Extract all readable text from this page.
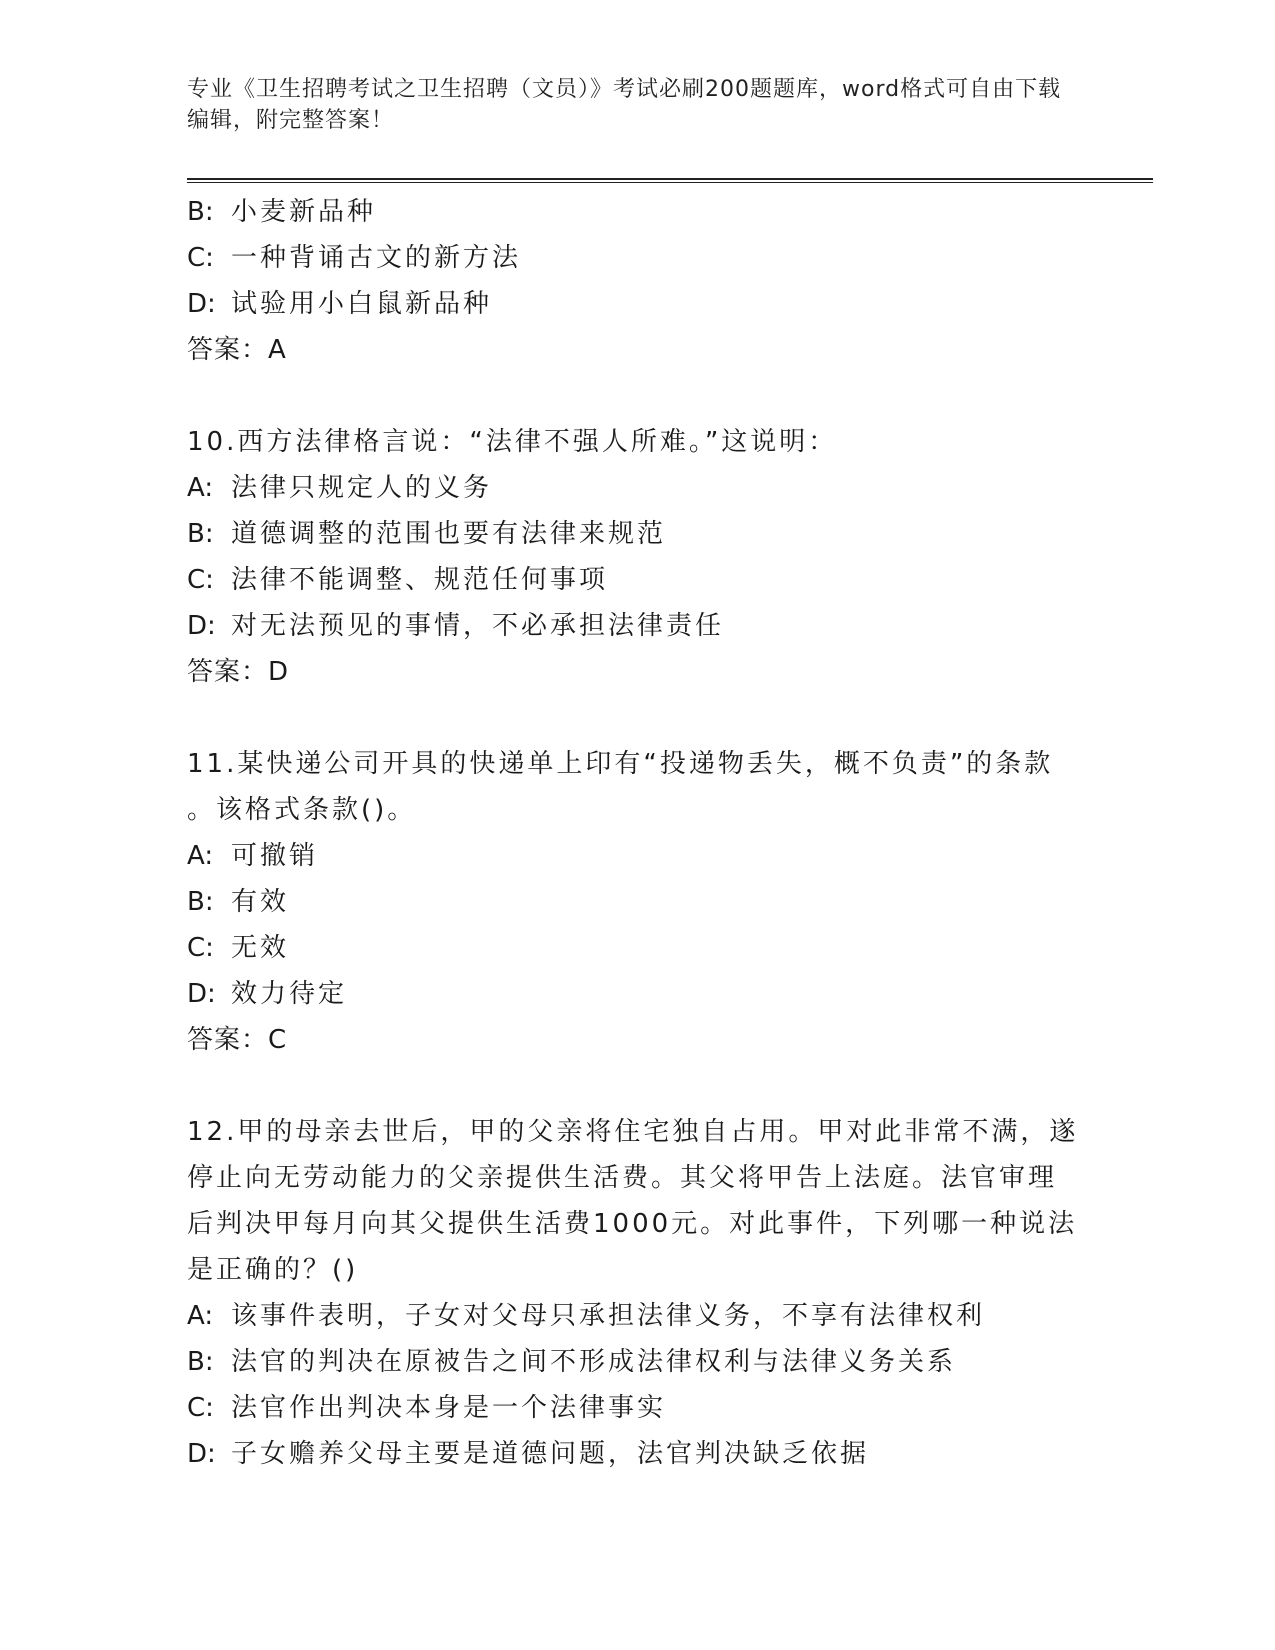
专业《卫生招聘考试之卫生招聘（文员）》考试必刷200题题库，word格式可自由下载编辑，附完整答案！
B: 小麦新品种
C: 一种背诵古文的新方法
D: 试验用小白鼠新品种
答案：A
10.西方法律格言说：“法律不强人所难。”这说明：
A: 法律只规定人的义务
B: 道德调整的范围也要有法律来规范
C: 法律不能调整、规范任何事项
D: 对无法预见的事情，不必承担法律责任
答案：D
11.某快递公司开具的快递单上印有“投递物丢失，概不负责”的条款
。该格式条款()。
A: 可撤销
B: 有效
C: 无效
D: 效力待定
答案：C
12.甲的母亲去世后，甲的父亲将住宅独自占用。甲对此非常不满，遂
停止向无劳动能力的父亲提供生活费。其父将甲告上法庭。法官审理
后判决甲每月向其父提供生活费1000元。对此事件，下列哪一种说法
是正确的？()
A: 该事件表明，子女对父母只承担法律义务，不享有法律权利
B: 法官的判决在原被告之间不形成法律权利与法律义务关系
C: 法官作出判决本身是一个法律事实
D: 子女赡养父母主要是道德问题，法官判决缺乏依据
